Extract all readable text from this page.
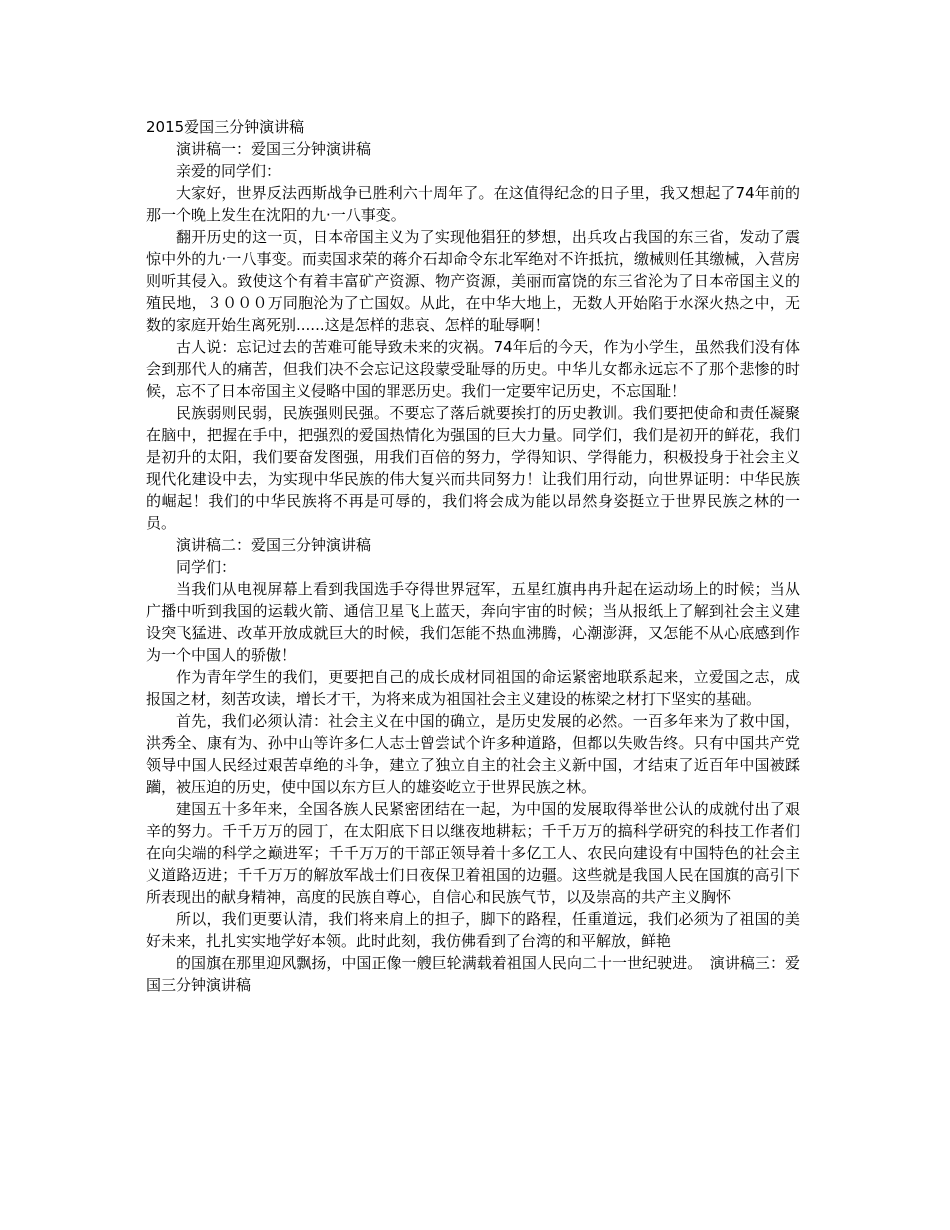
2015爱国三分钟演讲稿

演讲稿一：爱国三分钟演讲稿

亲爱的同学们：

大家好，世界反法西斯战争已胜利六十周年了。在这值得纪念的日子里，我又想起了74年前的那一个晚上发生在沈阳的九·一八事变。

翻开历史的这一页，日本帝国主义为了实现他猖狂的梦想，出兵攻占我国的东三省，发动了震惊中外的九·一八事变。而卖国求荣的蒋介石却命令东北军绝对不许抵抗，缴械则任其缴械，入营房则听其侵入。致使这个有着丰富矿产资源、物产资源，美丽而富饶的东三省沦为了日本帝国主义的殖民地，３０００万同胞沦为了亡国奴。从此，在中华大地上，无数人开始陷于水深火热之中，无数的家庭开始生离死别......这是怎样的悲哀、怎样的耻辱啊！

古人说：忘记过去的苦难可能导致未来的灾祸。74年后的今天，作为小学生，虽然我们没有体会到那代人的痛苦，但我们决不会忘记这段蒙受耻辱的历史。中华儿女都永远忘不了那个悲惨的时候，忘不了日本帝国主义侵略中国的罪恶历史。我们一定要牢记历史，不忘国耻！

民族弱则民弱，民族强则民强。不要忘了落后就要挨打的历史教训。我们要把使命和责任凝聚在脑中，把握在手中，把强烈的爱国热情化为强国的巨大力量。同学们，我们是初开的鲜花，我们是初升的太阳，我们要奋发图强，用我们百倍的努力，学得知识、学得能力，积极投身于社会主义现代化建设中去，为实现中华民族的伟大复兴而共同努力！让我们用行动，向世界证明：中华民族的崛起！我们的中华民族将不再是可辱的，我们将会成为能以昂然身姿挺立于世界民族之林的一员。

演讲稿二：爱国三分钟演讲稿

同学们：

当我们从电视屏幕上看到我国选手夺得世界冠军，五星红旗冉冉升起在运动场上的时候；当从广播中听到我国的运载火箭、通信卫星飞上蓝天，奔向宇宙的时候；当从报纸上了解到社会主义建设突飞猛进、改革开放成就巨大的时候，我们怎能不热血沸腾，心潮澎湃，又怎能不从心底感到作为一个中国人的骄傲！

作为青年学生的我们，更要把自己的成长成材同祖国的命运紧密地联系起来，立爱国之志，成报国之材，刻苦攻读，增长才干，为将来成为祖国社会主义建设的栋梁之材打下坚实的基础。

首先，我们必须认清：社会主义在中国的确立，是历史发展的必然。一百多年来为了救中国，洪秀全、康有为、孙中山等许多仁人志士曾尝试个许多种道路，但都以失败告终。只有中国共产党领导中国人民经过艰苦卓绝的斗争，建立了独立自主的社会主义新中国，才结束了近百年中国被蹂躏，被压迫的历史，使中国以东方巨人的雄姿屹立于世界民族之林。

建国五十多年来，全国各族人民紧密团结在一起，为中国的发展取得举世公认的成就付出了艰辛的努力。千千万万的园丁，在太阳底下日以继夜地耕耘；千千万万的搞科学研究的科技工作者们在向尖端的科学之巅进军；千千万万的干部正领导着十多亿工人、农民向建设有中国特色的社会主义道路迈进；千千万万的解放军战士们日夜保卫着祖国的边疆。这些就是我国人民在国旗的高引下所表现出的献身精神，高度的民族自尊心，自信心和民族气节，以及崇高的共产主义胸怀

所以，我们更要认清，我们将来肩上的担子，脚下的路程，任重道远，我们必须为了祖国的美好未来，扎扎实实地学好本领。此时此刻，我仿佛看到了台湾的和平解放，鲜艳

的国旗在那里迎风飘扬，中国正像一艘巨轮满载着祖国人民向二十一世纪驶进。　演讲稿三：爱国三分钟演讲稿
